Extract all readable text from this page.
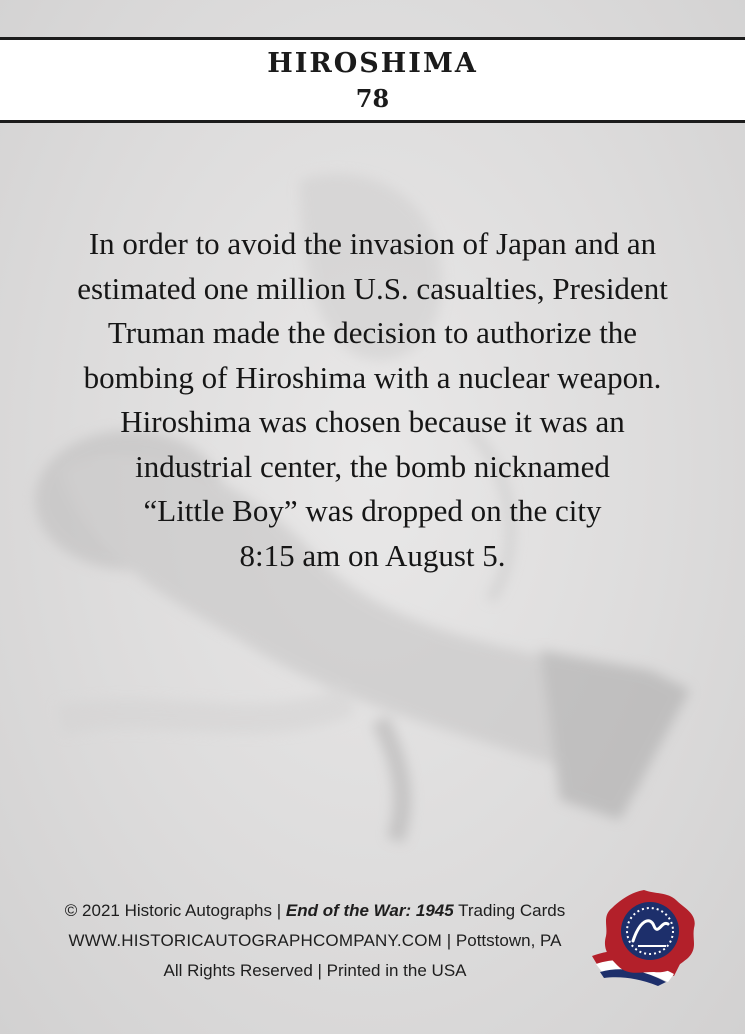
HIROSHIMA
78
In order to avoid the invasion of Japan and an
estimated one million U.S. casualties, President
Truman made the decision to authorize the
bombing of Hiroshima with a nuclear weapon.
Hiroshima was chosen because it was an
industrial center, the bomb nicknamed
“Little Boy” was dropped on the city
8:15 am on August 5.
© 2021 Historic Autographs | End of the War: 1945 Trading Cards
WWW.HISTORICAUTOGRAPHCOMPANY.COM | Pottstown, PA
All Rights Reserved | Printed in the USA
